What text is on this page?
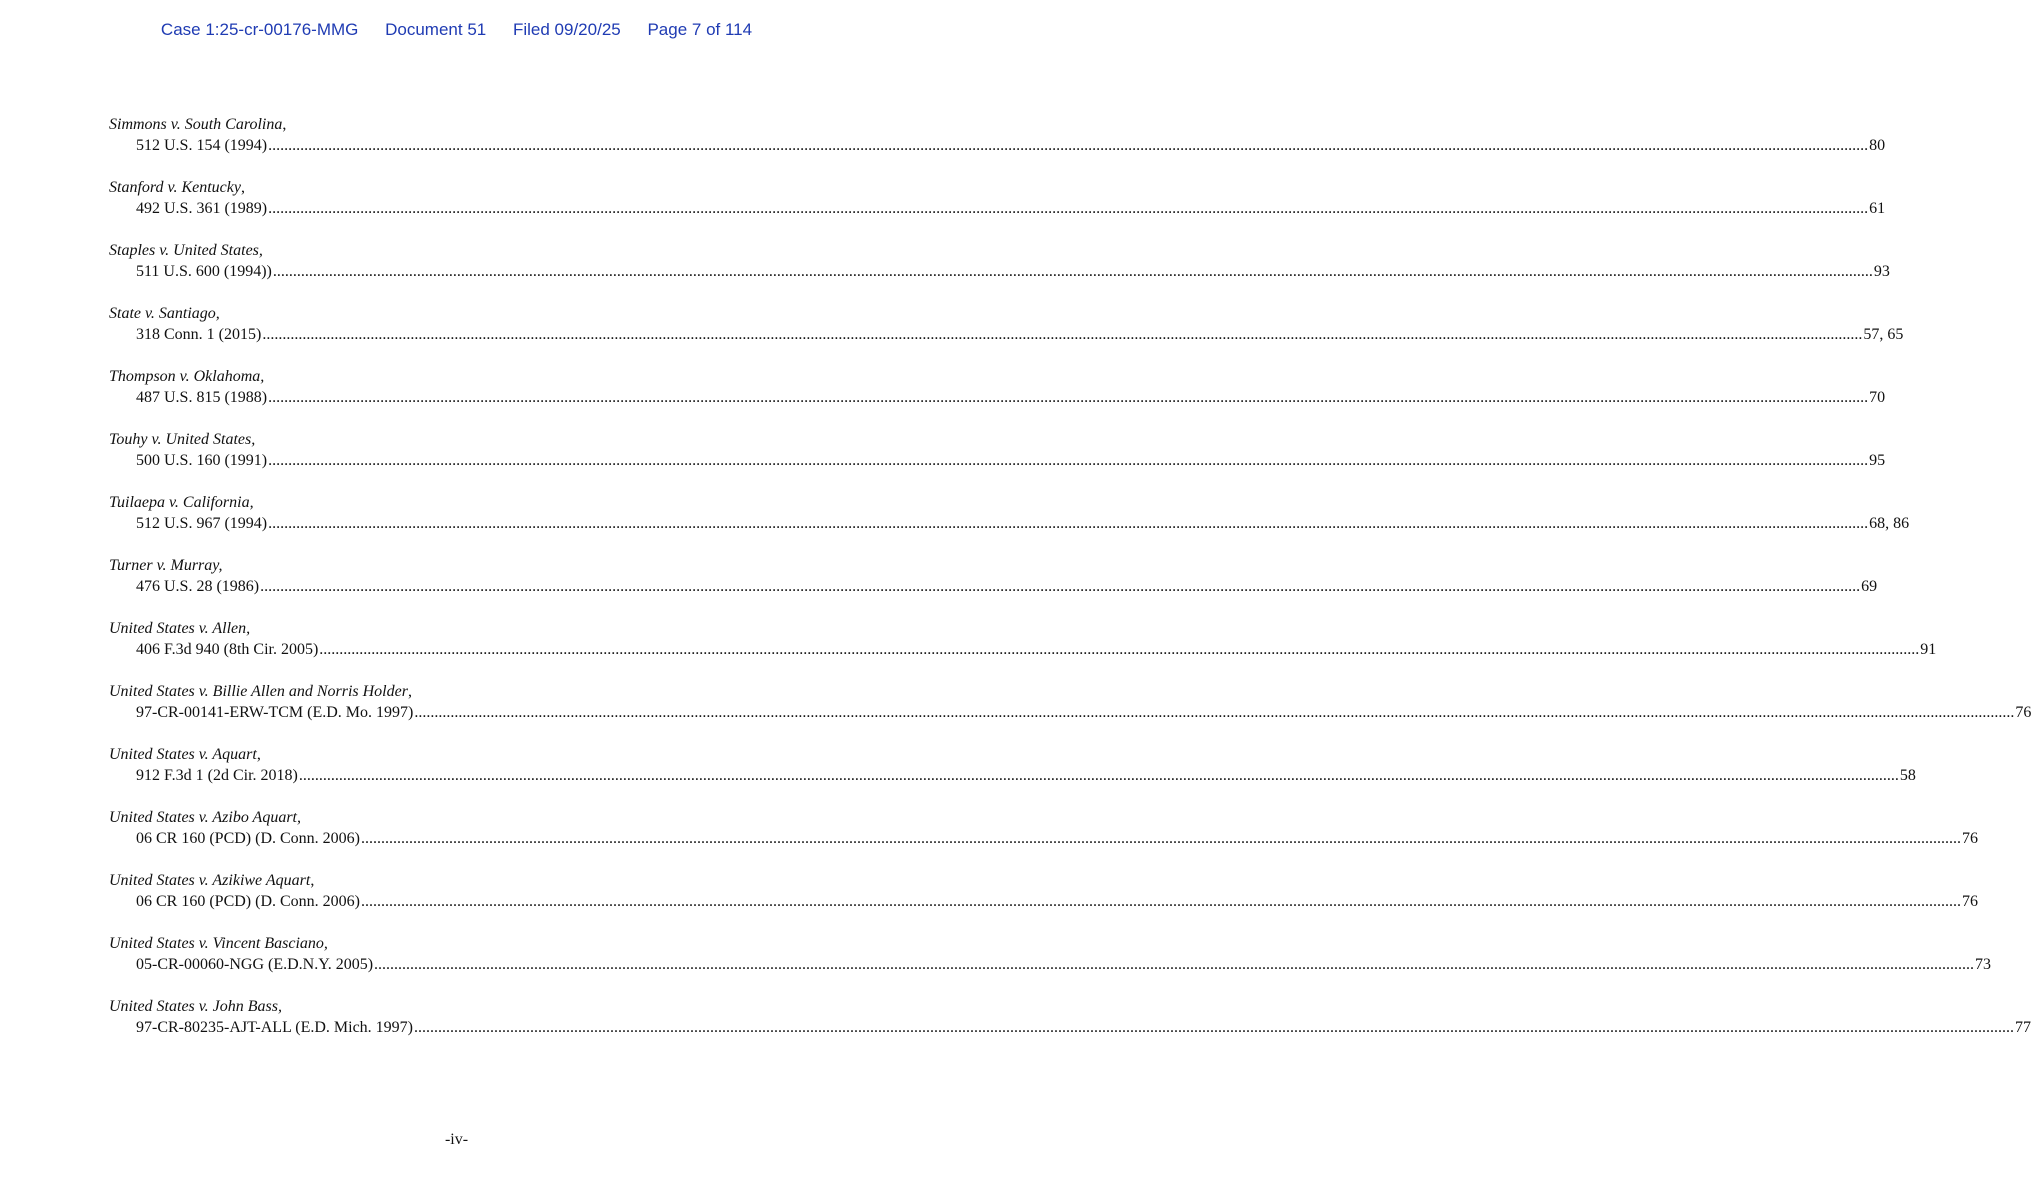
Case 1:25-cr-00176-MMG Document 51 Filed 09/20/25 Page 7 of 114
Simmons v. South Carolina,
512 U.S. 154 (1994) ................................................................................................................................................................................................................................................................................................................................................................................................................ 80
Stanford v. Kentucky,
492 U.S. 361 (1989) ................................................................................................................................................................................................................................................................................................................................................................................................................ 61
Staples v. United States,
511 U.S. 600 (1994)) ................................................................................................................................................................................................................................................................................................................................................................................................................ 93
State v. Santiago,
318 Conn. 1 (2015) ................................................................................................................................................................................................................................................................................................................................................................................................................ 57, 65
Thompson v. Oklahoma,
487 U.S. 815 (1988) ................................................................................................................................................................................................................................................................................................................................................................................................................ 70
Touhy v. United States,
500 U.S. 160 (1991) ................................................................................................................................................................................................................................................................................................................................................................................................................ 95
Tuilaepa v. California,
512 U.S. 967 (1994) ................................................................................................................................................................................................................................................................................................................................................................................................................ 68, 86
Turner v. Murray,
476 U.S. 28 (1986) ................................................................................................................................................................................................................................................................................................................................................................................................................ 69
United States v. Allen,
406 F.3d 940 (8th Cir. 2005) ................................................................................................................................................................................................................................................................................................................................................................................................................ 91
United States v. Billie Allen and Norris Holder,
97-CR-00141-ERW-TCM (E.D. Mo. 1997) ................................................................................................................................................................................................................................................................................................................................................................................................................ 76
United States v. Aquart,
912 F.3d 1 (2d Cir. 2018) ................................................................................................................................................................................................................................................................................................................................................................................................................ 58
United States v. Azibo Aquart,
06 CR 160 (PCD) (D. Conn. 2006) ................................................................................................................................................................................................................................................................................................................................................................................................................ 76
United States v. Azikiwe Aquart,
06 CR 160 (PCD) (D. Conn. 2006) ................................................................................................................................................................................................................................................................................................................................................................................................................ 76
United States v. Vincent Basciano,
05-CR-00060-NGG (E.D.N.Y. 2005) ................................................................................................................................................................................................................................................................................................................................................................................................................ 73
United States v. John Bass,
97-CR-80235-AJT-ALL (E.D. Mich. 1997) ................................................................................................................................................................................................................................................................................................................................................................................................................ 77
-iv-
